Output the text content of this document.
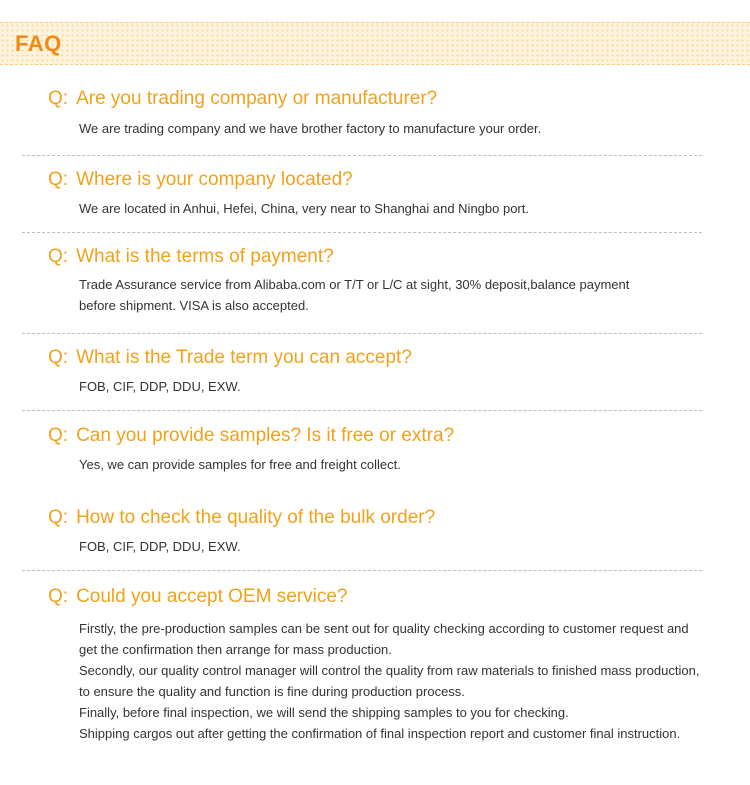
FAQ
Q: Are you trading company or manufacturer?

We are trading company and we have brother factory to manufacture your order.

Q: Where is your company located?

We are located in Anhui, Hefei, China, very near to Shanghai and Ningbo port.

Q: What is the terms of payment?

Trade Assurance service from Alibaba.com or T/T or L/C at sight, 30% deposit,balance payment before shipment. VISA is also accepted.

Q: What is the Trade term you can accept?

FOB, CIF, DDP, DDU, EXW.

Q: Can you provide samples? Is it free or extra?

Yes, we can provide samples for free and freight collect.

Q: How to check the quality of the bulk order?

FOB, CIF, DDP, DDU, EXW.

Q: Could you accept OEM service?

Firstly, the pre-production samples can be sent out for quality checking according to customer request and get the confirmation then arrange for mass production.

Secondly, our quality control manager will control the quality from raw materials to finished mass production, to ensure the quality and function is fine during production process.

Finally, before final inspection, we will send the shipping samples to you for checking.

Shipping cargos out after getting the confirmation of final inspection report and customer final instruction.
